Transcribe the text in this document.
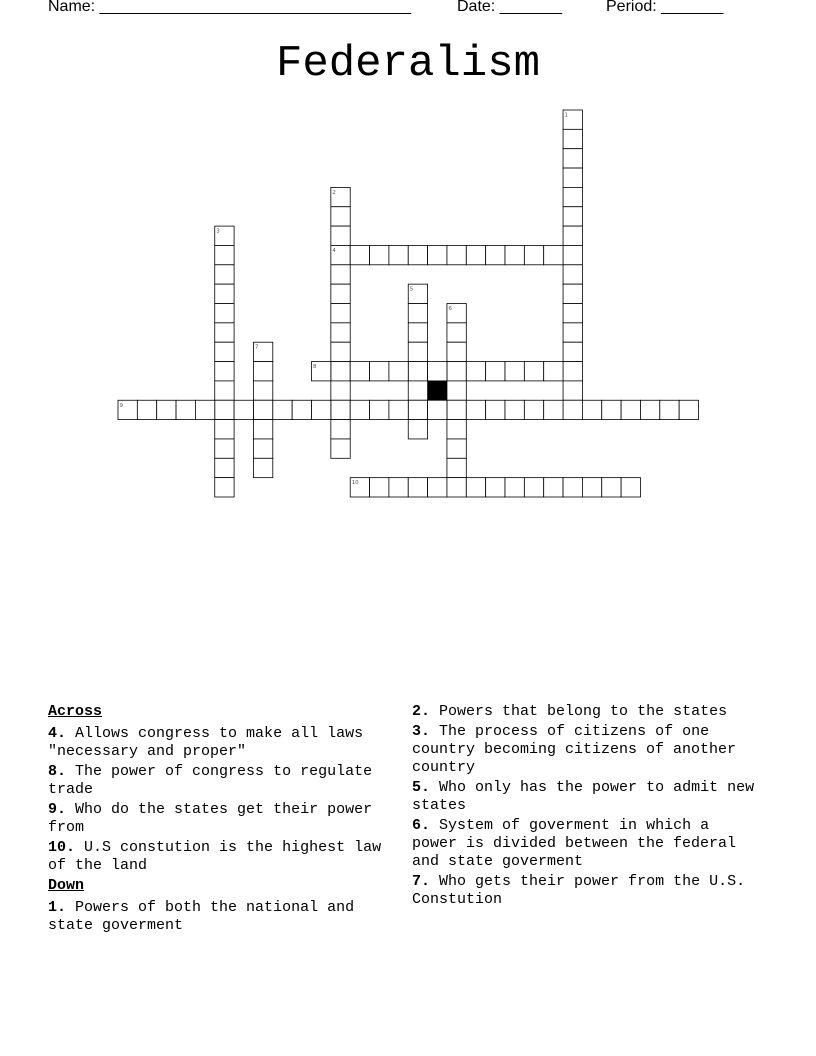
Name: ___________________________________

	Date: _______

	Period: _______

Federalism
1
2
3
4
5
6
7
8
9
10
Across
4. Allows congress to make all laws "necessary and proper"
8. The power of congress to regulate trade
9. Who do the states get their power from
10. U.S constution is the highest law of the land
Down
1. Powers of both the national and state goverment
2. Powers that belong to the states
3. The process of citizens of one country becoming citizens of another country
5. Who only has the power to admit new states
6. System of goverment in which a power is divided between the federal and state goverment
7. Who gets their power from the U.S. Constution
